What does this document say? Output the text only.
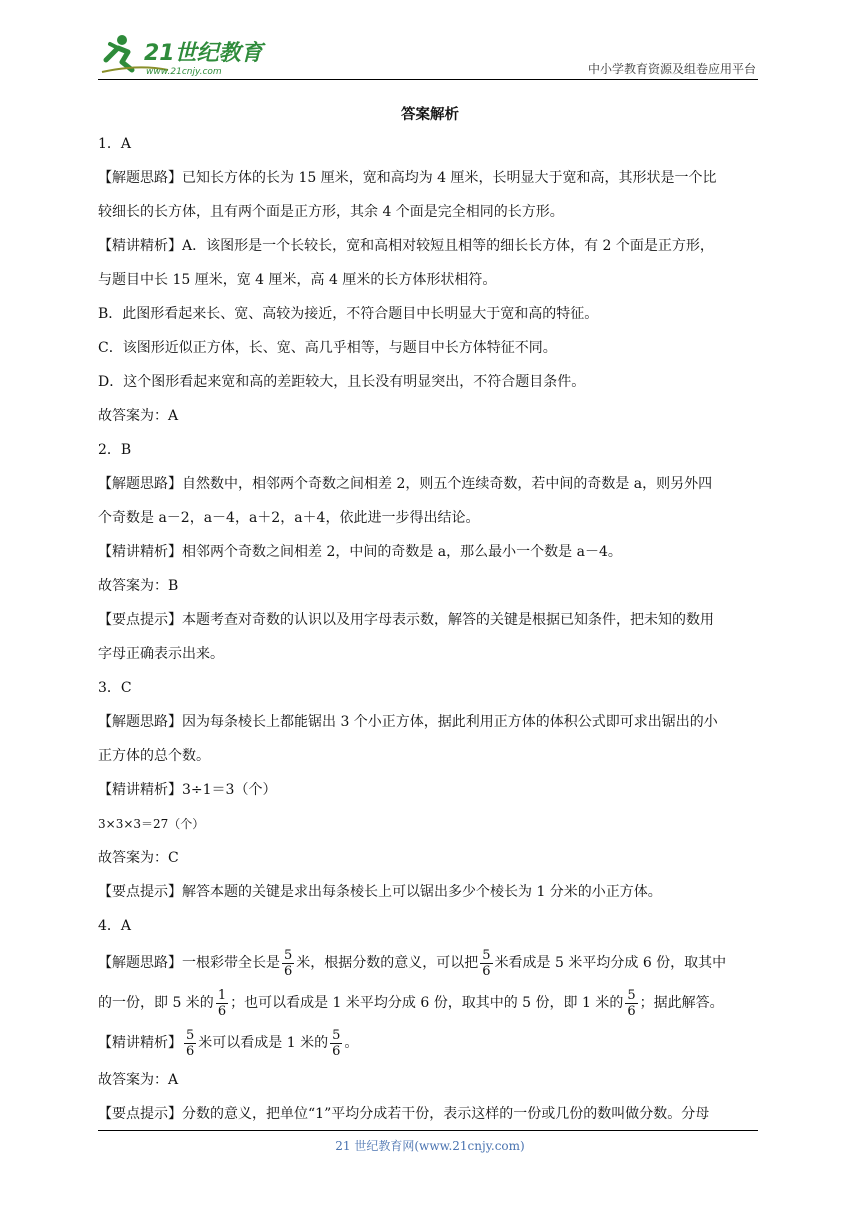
21世纪教育
www.21cnjy.com	中小学教育资源及组卷应用平台
答案解析

1．A

【解题思路】已知长方体的长为 15 厘米，宽和高均为 4 厘米，长明显大于宽和高，其形状是一个比

较细长的长方体，且有两个面是正方形，其余 4 个面是完全相同的长方形。

【精讲精析】A．该图形是一个长较长，宽和高相对较短且相等的细长长方体，有 2 个面是正方形，

与题目中长 15 厘米，宽 4 厘米，高 4 厘米的长方体形状相符。

B．此图形看起来长、宽、高较为接近，不符合题目中长明显大于宽和高的特征。

C．该图形近似正方体，长、宽、高几乎相等，与题目中长方体特征不同。

D．这个图形看起来宽和高的差距较大，且长没有明显突出，不符合题目条件。

故答案为：A

2．B

【解题思路】自然数中，相邻两个奇数之间相差 2，则五个连续奇数，若中间的奇数是 a，则另外四

个奇数是 a－2，a－4，a＋2，a＋4，依此进一步得出结论。

【精讲精析】相邻两个奇数之间相差 2，中间的奇数是 a，那么最小一个数是 a－4。

故答案为：B

【要点提示】本题考查对奇数的认识以及用字母表示数，解答的关键是根据已知条件，把未知的数用

字母正确表示出来。

3．C

【解题思路】因为每条棱长上都能锯出 3 个小正方体，据此利用正方体的体积公式即可求出锯出的小

正方体的总个数。

【精讲精析】3÷1＝3（个）

3×3×3＝27（个）

故答案为：C

【要点提示】解答本题的关键是求出每条棱长上可以锯出多少个棱长为 1 分米的小正方体。

4．A

【解题思路】一根彩带全长是 $\frac{5}{6}$ 米，根据分数的意义，可以把 $\frac{5}{6}$ 米看成是 5 米平均分成 6 份，取其中

的一份，即 5 米的 $\frac{1}{6}$ ；也可以看成是 1 米平均分成 6 份，取其中的 5 份，即 1 米的 $\frac{5}{6}$ ；据此解答。

【精讲精析】 $\frac{5}{6}$ 米可以看成是 1 米的 $\frac{5}{6}$ 。

故答案为：A

【要点提示】分数的意义，把单位“1”平均分成若干份，表示这样的一份或几份的数叫做分数。分母

21 世纪教育网(www.21cnjy.com)
